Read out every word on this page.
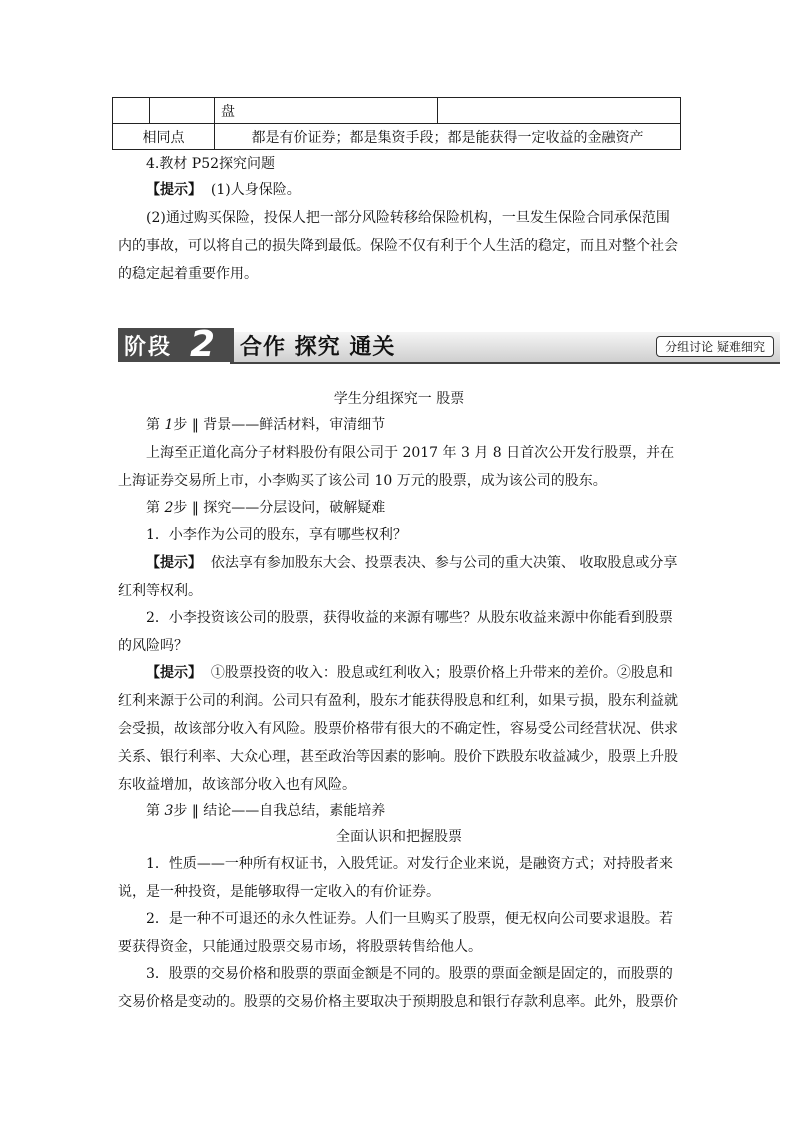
		盘	
相同点		都是有价证券；都是集资手段；都是能获得一定收益的金融资产	
4.教材 P52探究问题
【提示】 (1)人身保险。
(2)通过购买保险，投保人把一部分风险转移给保险机构，一旦发生保险合同承保范围内的事故，可以将自己的损失降到最低。保险不仅有利于个人生活的稳定，而且对整个社会的稳定起着重要作用。
阶段 2	合作 探究 通关	分组讨论 疑难细究
学生分组探究一 股票
第 1步 ‖ 背景——鲜活材料，审清细节
上海至正道化高分子材料股份有限公司于 2017 年 3 月 8 日首次公开发行股票，并在上海证券交易所上市，小李购买了该公司 10 万元的股票，成为该公司的股东。
第 2步 ‖ 探究——分层设问，破解疑难
1．小李作为公司的股东，享有哪些权利？
【提示】 依法享有参加股东大会、投票表决、参与公司的重大决策、 收取股息或分享红利等权利。
2．小李投资该公司的股票，获得收益的来源有哪些？从股东收益来源中你能看到股票的风险吗？
【提示】 ①股票投资的收入：股息或红利收入；股票价格上升带来的差价。②股息和红利来源于公司的利润。公司只有盈利，股东才能获得股息和红利，如果亏损，股东利益就会受损，故该部分收入有风险。股票价格带有很大的不确定性，容易受公司经营状况、供求关系、银行利率、大众心理，甚至政治等因素的影响。股价下跌股东收益减少，股票上升股东收益增加，故该部分收入也有风险。
第 3步 ‖ 结论——自我总结，素能培养
全面认识和把握股票
1．性质——一种所有权证书，入股凭证。对发行企业来说，是融资方式；对持股者来说，是一种投资，是能够取得一定收入的有价证券。
2．是一种不可退还的永久性证券。人们一旦购买了股票，便无权向公司要求退股。若要获得资金，只能通过股票交易市场，将股票转售给他人。
3．股票的交易价格和股票的票面金额是不同的。股票的票面金额是固定的，而股票的交易价格是变动的。股票的交易价格主要取决于预期股息和银行存款利息率。此外，股票价
